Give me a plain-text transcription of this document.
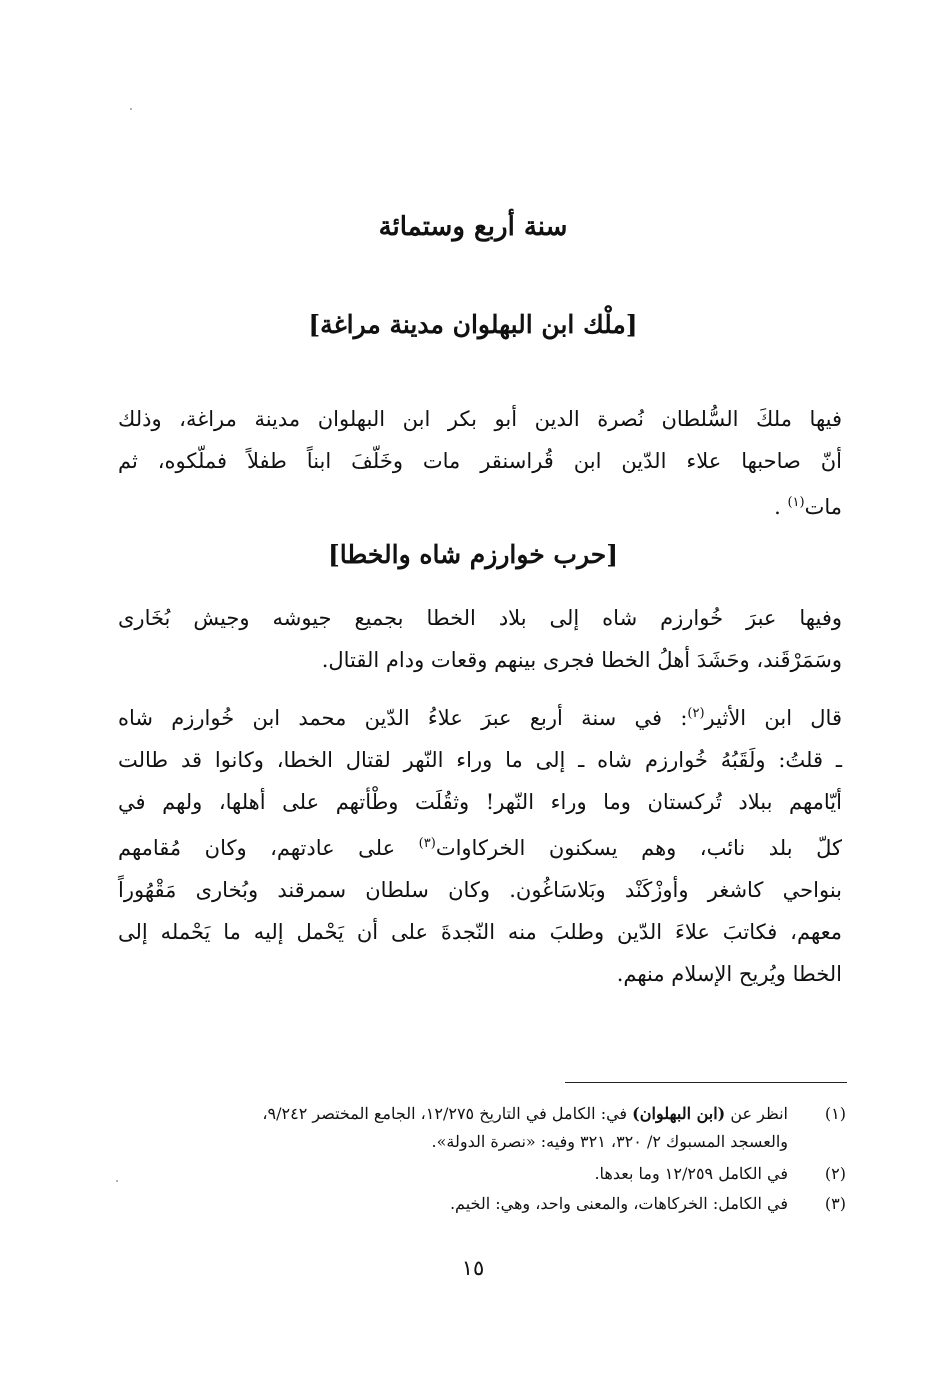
سنة أربع وستمائة
[ملْك ابن البهلوان مدينة مراغة]
فيها ملكَ السُّلطان نُصرة الدين أبو بكر ابن البهلوان مدينة مراغة، وذلك
أنّ صاحبها علاء الدّين ابن قُراسنقر مات وخَلّفَ ابناً طفلاً فملّكوه، ثم
مات$^{(١)}$ .
[حرب خوارزم شاه والخطا]
وفيها عبرَ خُوارزم شاه إلى بلاد الخطا بجميع جيوشه وجيش بُخَارى
وسَمَرْقَند، وحَشَدَ أهلُ الخطا فجرى بينهم وقعات ودام القتال.
قال ابن الأثير$^{(٢)}$: في سنة أربع عبرَ علاءُ الدّين محمد ابن خُوارزم شاه
ـ قلتُ: ولَقَبُهُ خُوارزم شاه ـ إلى ما وراء النّهر لقتال الخطا، وكانوا قد طالت
أيّامهم ببلاد تُركستان وما وراء النّهر! وثقُلَت وطْأتهم على أهلها، ولهم في
كلّ بلد نائب، وهم يسكنون الخركاوات$^{(٣)}$ على عادتهم، وكان مُقامهم
بنواحي كاشغر وأوزْكَنْد وبَلاسَاغُون. وكان سلطان سمرقند وبُخارى مَقْهُوراً
معهم، فكاتبَ علاءَ الدّين وطلبَ منه النّجدةَ على أن يَحْمل إليه ما يَحْمله إلى
الخطا ويُريح الإسلام منهم.
(١)
انظر عن (ابن البهلوان) في: الكامل في التاريخ ١٢/٢٧٥، الجامع المختصر ٩/٢٤٢،
والعسجد المسبوك ٢/ ٣٢٠، ٣٢١ وفيه: «نصرة الدولة».
(٢)
في الكامل ١٢/٢٥٩ وما بعدها.
(٣)
في الكامل: الخركاهات، والمعنى واحد، وهي: الخيم.
١٥
